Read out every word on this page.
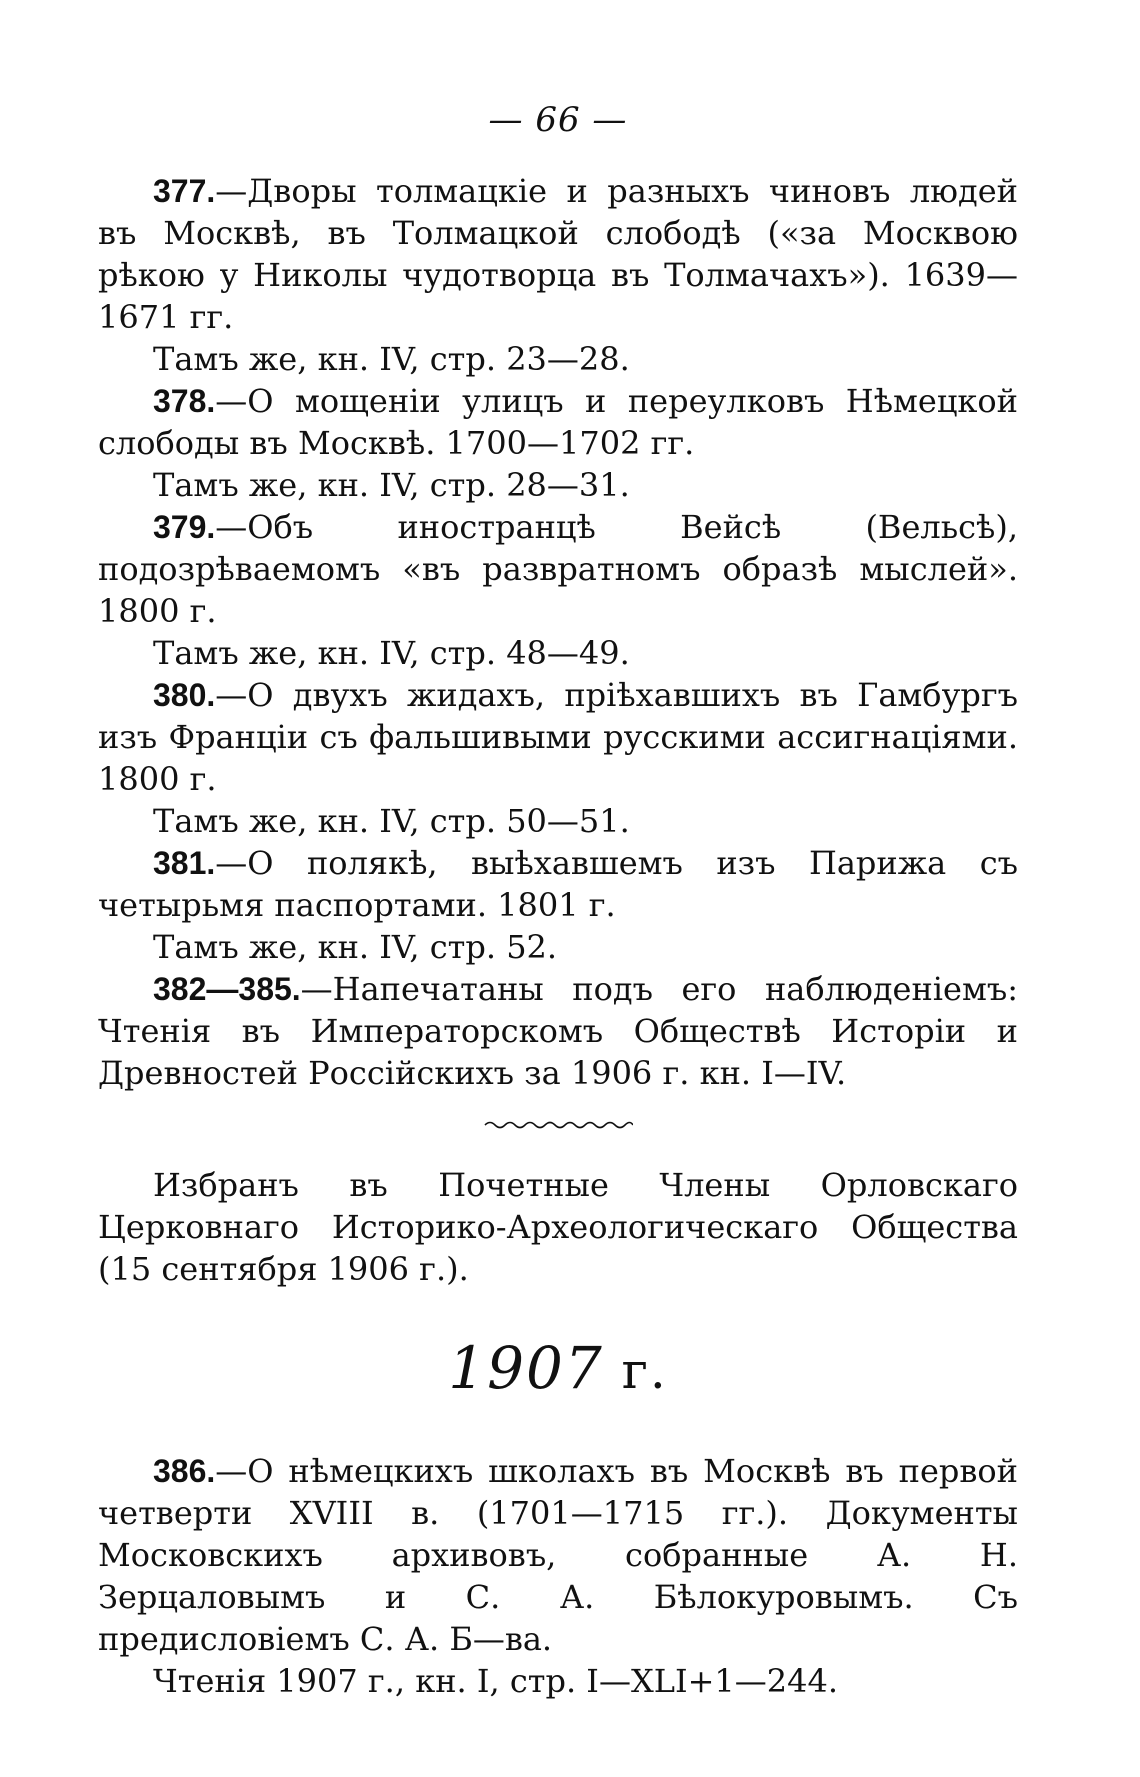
— 66 —

377.—Дворы толмацкіе и разныхъ чиновъ людей въ Москвѣ, въ Толмацкой слободѣ («за Москвою рѣкою у Николы чудотворца въ Толмачахъ»). 1639—1671 гг.

Тамъ же, кн. IV, стр. 23—28.

378.—О мощеніи улицъ и переулковъ Нѣмецкой слободы въ Москвѣ. 1700—1702 гг.

Тамъ же, кн. IV, стр. 28—31.

379.—Объ иностранцѣ Вейсѣ (Вельсѣ), подозрѣваемомъ «въ развратномъ образѣ мыслей». 1800 г.

Тамъ же, кн. IV, стр. 48—49.

380.—О двухъ жидахъ, пріѣхавшихъ въ Гамбургъ изъ Франціи съ фальшивыми русскими ассигнаціями. 1800 г.

Тамъ же, кн. IV, стр. 50—51.

381.—О полякѣ, выѣхавшемъ изъ Парижа съ четырьмя паспортами. 1801 г.

Тамъ же, кн. IV, стр. 52.

382—385.—Напечатаны подъ его наблюденіемъ: Чтенія въ Императорскомъ Обществѣ Исторіи и Древностей Россійскихъ за 1906 г. кн. I—IV.

Избранъ въ Почетные Члены Орловскаго Церковнаго Историко-Археологическаго Общества (15 сентября 1906 г.).

1907 г.

386.—О нѣмецкихъ школахъ въ Москвѣ въ первой четверти XVIII в. (1701—1715 гг.). Документы Московскихъ архивовъ, собранные А. Н. Зерцаловымъ и С. А. Бѣлокуровымъ. Съ предисловіемъ С. А. Б—ва.

Чтенія 1907 г., кн. I, стр. I—XLI+1—244.
